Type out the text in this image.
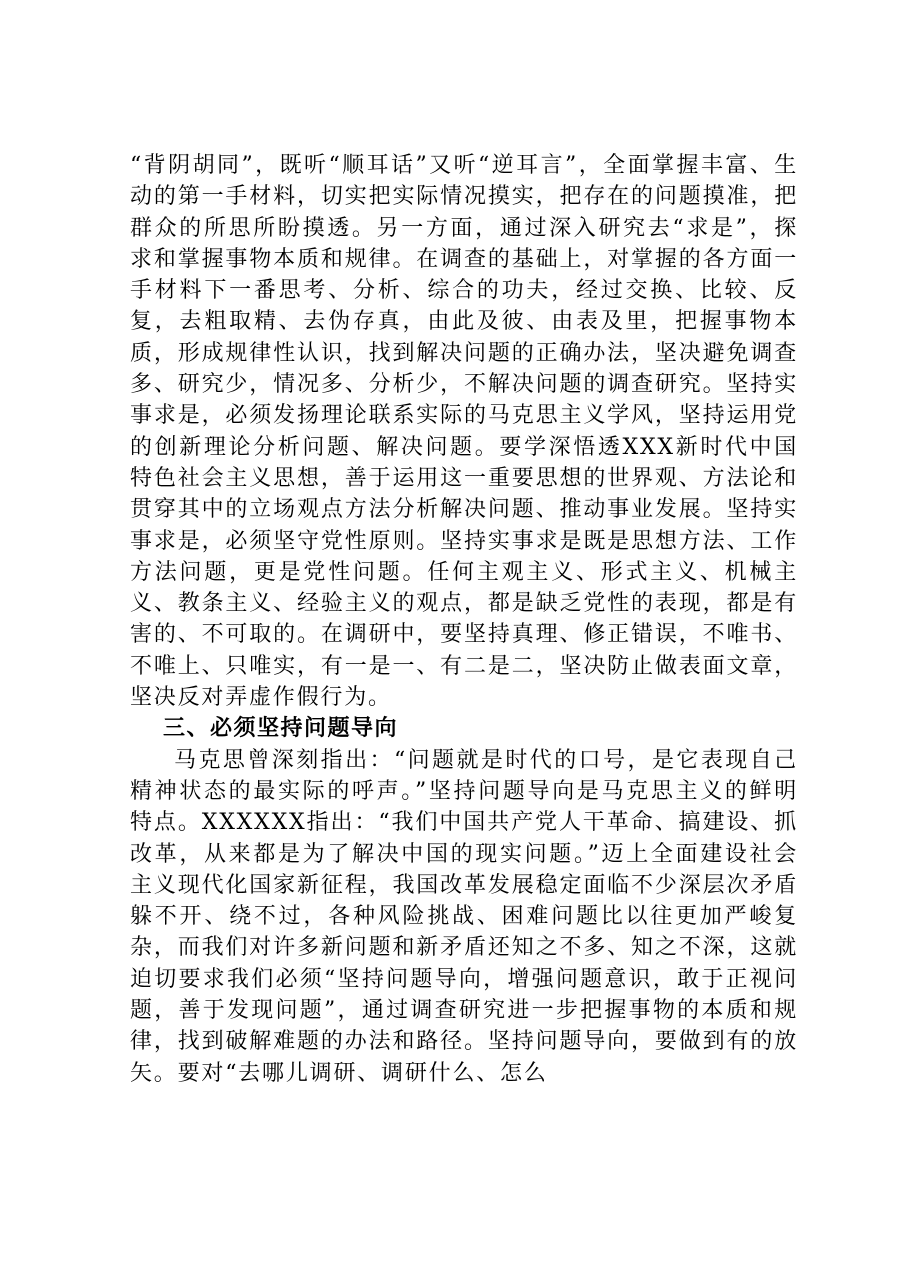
“背阴胡同”，既听“顺耳话”又听“逆耳言”，全面掌握丰富、生动的第一手材料，切实把实际情况摸实，把存在的问题摸准，把群众的所思所盼摸透。另一方面，通过深入研究去“求是”，探求和掌握事物本质和规律。在调查的基础上，对掌握的各方面一手材料下一番思考、分析、综合的功夫，经过交换、比较、反复，去粗取精、去伪存真，由此及彼、由表及里，把握事物本质，形成规律性认识，找到解决问题的正确办法，坚决避免调查多、研究少，情况多、分析少，不解决问题的调查研究。坚持实事求是，必须发扬理论联系实际的马克思主义学风，坚持运用党的创新理论分析问题、解决问题。要学深悟透XXX新时代中国特色社会主义思想，善于运用这一重要思想的世界观、方法论和贯穿其中的立场观点方法分析解决问题、推动事业发展。坚持实事求是，必须坚守党性原则。坚持实事求是既是思想方法、工作方法问题，更是党性问题。任何主观主义、形式主义、机械主义、教条主义、经验主义的观点，都是缺乏党性的表现，都是有害的、不可取的。在调研中，要坚持真理、修正错误，不唯书、不唯上、只唯实，有一是一、有二是二，坚决防止做表面文章，坚决反对弄虚作假行为。

三、必须坚持问题导向

马克思曾深刻指出：“问题就是时代的口号，是它表现自己精神状态的最实际的呼声。”坚持问题导向是马克思主义的鲜明特点。XXXXXX指出：“我们中国共产党人干革命、搞建设、抓改革，从来都是为了解决中国的现实问题。”迈上全面建设社会主义现代化国家新征程，我国改革发展稳定面临不少深层次矛盾躲不开、绕不过，各种风险挑战、困难问题比以往更加严峻复杂，而我们对许多新问题和新矛盾还知之不多、知之不深，这就迫切要求我们必须“坚持问题导向，增强问题意识，敢于正视问题，善于发现问题”，通过调查研究进一步把握事物的本质和规律，找到破解难题的办法和路径。坚持问题导向，要做到有的放矢。要对“去哪儿调研、调研什么、怎么
